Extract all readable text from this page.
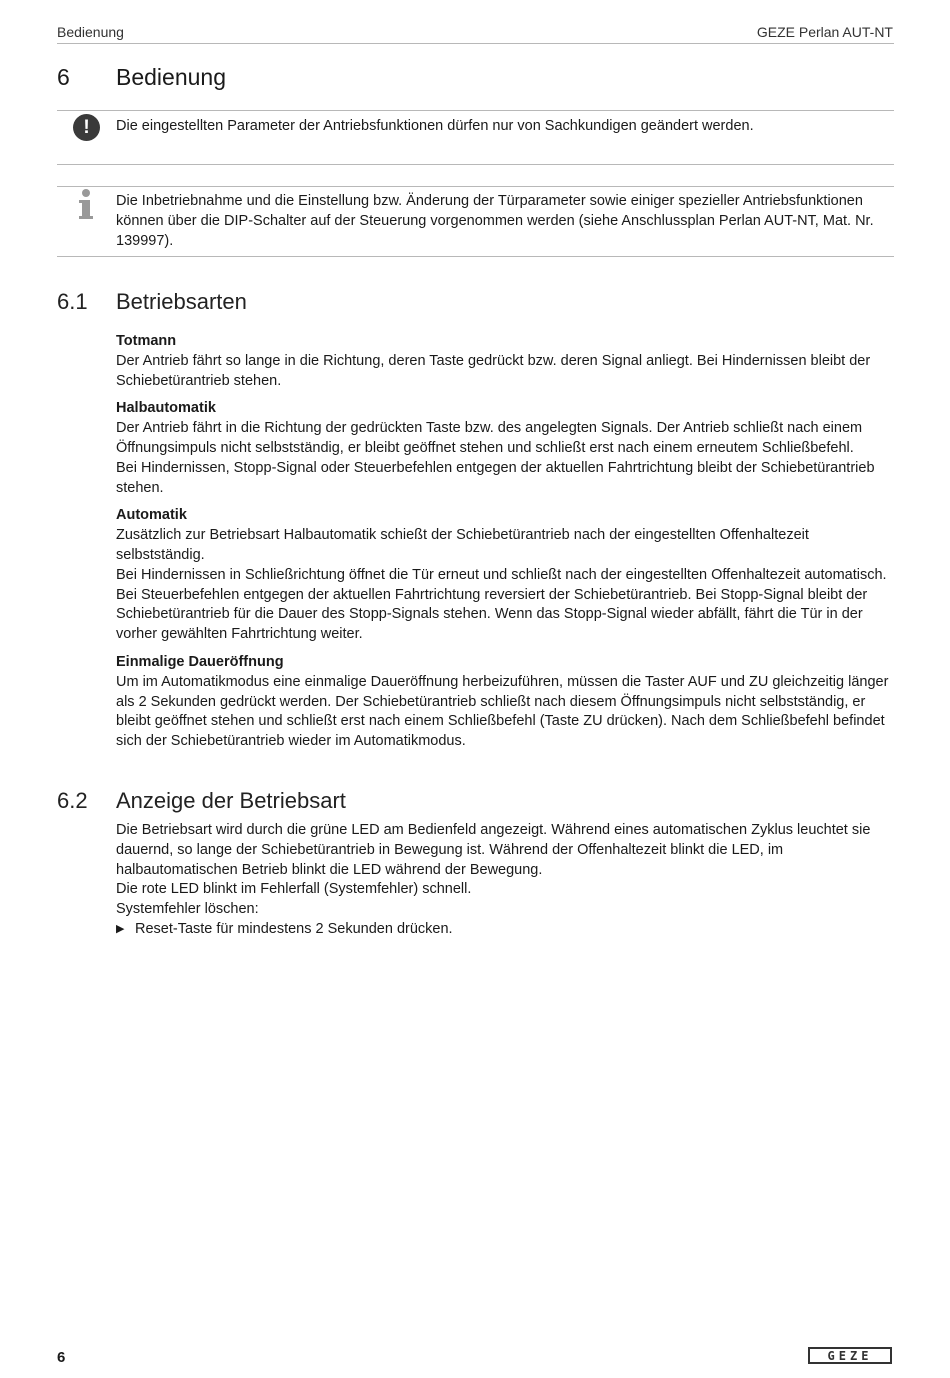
Bedienung	GEZE Perlan AUT-NT
6 Bedienung
!	Die eingestellten Parameter der Antriebsfunktionen dürfen nur von Sachkundigen geändert werden.
Die Inbetriebnahme und die Einstellung bzw. Änderung der Türparameter sowie einiger spezieller Antriebsfunktionen können über die DIP-Schalter auf der Steuerung vorgenommen werden (siehe Anschlussplan Perlan AUT-NT, Mat. Nr. 139997).
6.1 Betriebsarten
Totmann

Der Antrieb fährt so lange in die Richtung, deren Taste gedrückt bzw. deren Signal anliegt. Bei Hindernissen bleibt der Schiebetürantrieb stehen.

Halbautomatik

Der Antrieb fährt in die Richtung der gedrückten Taste bzw. des angelegten Signals. Der Antrieb schließt nach einem Öffnungsimpuls nicht selbstständig, er bleibt geöffnet stehen und schließt erst nach einem erneutem Schließbefehl.

Bei Hindernissen, Stopp-Signal oder Steuerbefehlen entgegen der aktuellen Fahrtrichtung bleibt der Schiebetürantrieb stehen.

Automatik

Zusätzlich zur Betriebsart Halbautomatik schießt der Schiebetürantrieb nach der eingestellten Offenhaltezeit selbstständig.

Bei Hindernissen in Schließrichtung öffnet die Tür erneut und schließt nach der eingestellten Offenhaltezeit automatisch. Bei Steuerbefehlen entgegen der aktuellen Fahrtrichtung reversiert der Schiebetürantrieb. Bei Stopp-Signal bleibt der Schiebetürantrieb für die Dauer des Stopp-Signals stehen. Wenn das Stopp-Signal wieder abfällt, fährt die Tür in der vorher gewählten Fahrtrichtung weiter.

Einmalige Daueröffnung

Um im Automatikmodus eine einmalige Daueröffnung herbeizuführen, müssen die Taster AUF und ZU gleichzeitig länger als 2 Sekunden gedrückt werden. Der Schiebetürantrieb schließt nach diesem Öffnungsimpuls nicht selbstständig, er bleibt geöffnet stehen und schließt erst nach einem Schließbefehl (Taste ZU drücken). Nach dem Schließbefehl befindet sich der Schiebetürantrieb wieder im Automatikmodus.

6.2 Anzeige der Betriebsart

Die Betriebsart wird durch die grüne LED am Bedienfeld angezeigt. Während eines automatischen Zyklus leuchtet sie dauernd, so lange der Schiebetürantrieb in Bewegung ist. Während der Offenhaltezeit blinkt die LED, im halbautomatischen Betrieb blinkt die LED während der Bewegung.

Die rote LED blinkt im Fehlerfall (Systemfehler) schnell.

Systemfehler löschen:

▶ Reset-Taste für mindestens 2 Sekunden drücken.
6	GEZE
